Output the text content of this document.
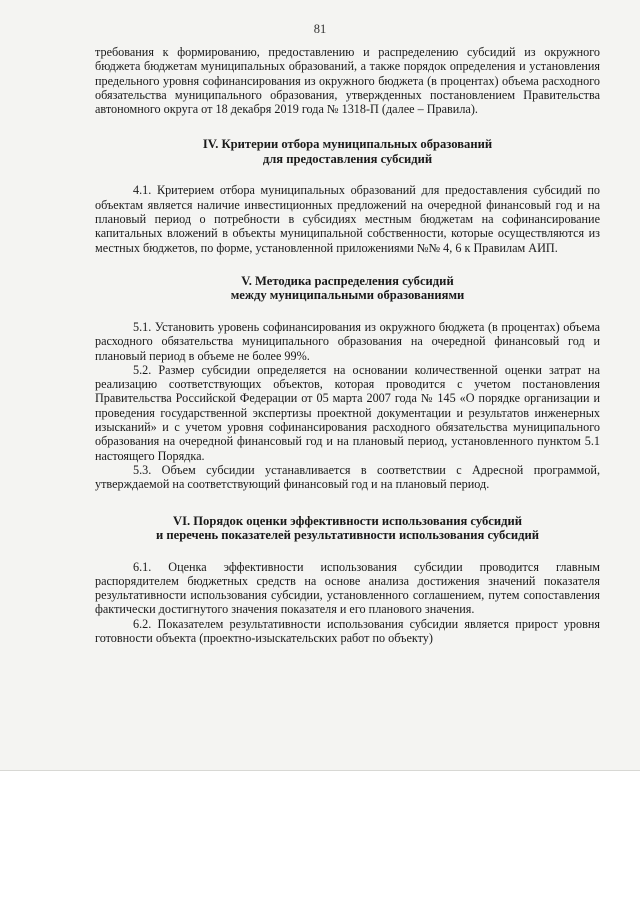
81

требования к формированию, предоставлению и распределению субсидий из окружного бюджета бюджетам муниципальных образований, а также порядок определения и установления предельного уровня софинансирования из окружного бюджета (в процентах) объема расходного обязательства муниципального образования, утвержденных постановлением Правительства автономного округа от 18 декабря 2019 года № 1318-П (далее – Правила).

IV. Критерии отбора муниципальных образований
для предоставления субсидий

4.1. Критерием отбора муниципальных образований для предоставления субсидий по объектам является наличие инвестиционных предложений на очередной финансовый год и на плановый период о потребности в субсидиях местным бюджетам на софинансирование капитальных вложений в объекты муниципальной собственности, которые осуществляются из местных бюджетов, по форме, установленной приложениями №№ 4, 6 к Правилам АИП.

V. Методика распределения субсидий
между муниципальными образованиями

5.1. Установить уровень софинансирования из окружного бюджета (в процентах) объема расходного обязательства муниципального образования на очередной финансовый год и плановый период в объеме не более 99%.

5.2. Размер субсидии определяется на основании количественной оценки затрат на реализацию соответствующих объектов, которая проводится с учетом постановления Правительства Российской Федерации от 05 марта 2007 года № 145 «О порядке организации и проведения государственной экспертизы проектной документации и результатов инженерных изысканий» и с учетом уровня софинансирования расходного обязательства муниципального образования на очередной финансовый год и на плановый период, установленного пунктом 5.1 настоящего Порядка.

5.3. Объем субсидии устанавливается в соответствии с Адресной программой, утверждаемой на соответствующий финансовый год и на плановый период.

VI. Порядок оценки эффективности использования субсидий
и перечень показателей результативности использования субсидий

6.1. Оценка эффективности использования субсидии проводится главным распорядителем бюджетных средств на основе анализа достижения значений показателя результативности использования субсидии, установленного соглашением, путем сопоставления фактически достигнутого значения показателя и его планового значения.

6.2. Показателем результативности использования субсидии является прирост уровня готовности объекта (проектно-изыскательских работ по объекту)
